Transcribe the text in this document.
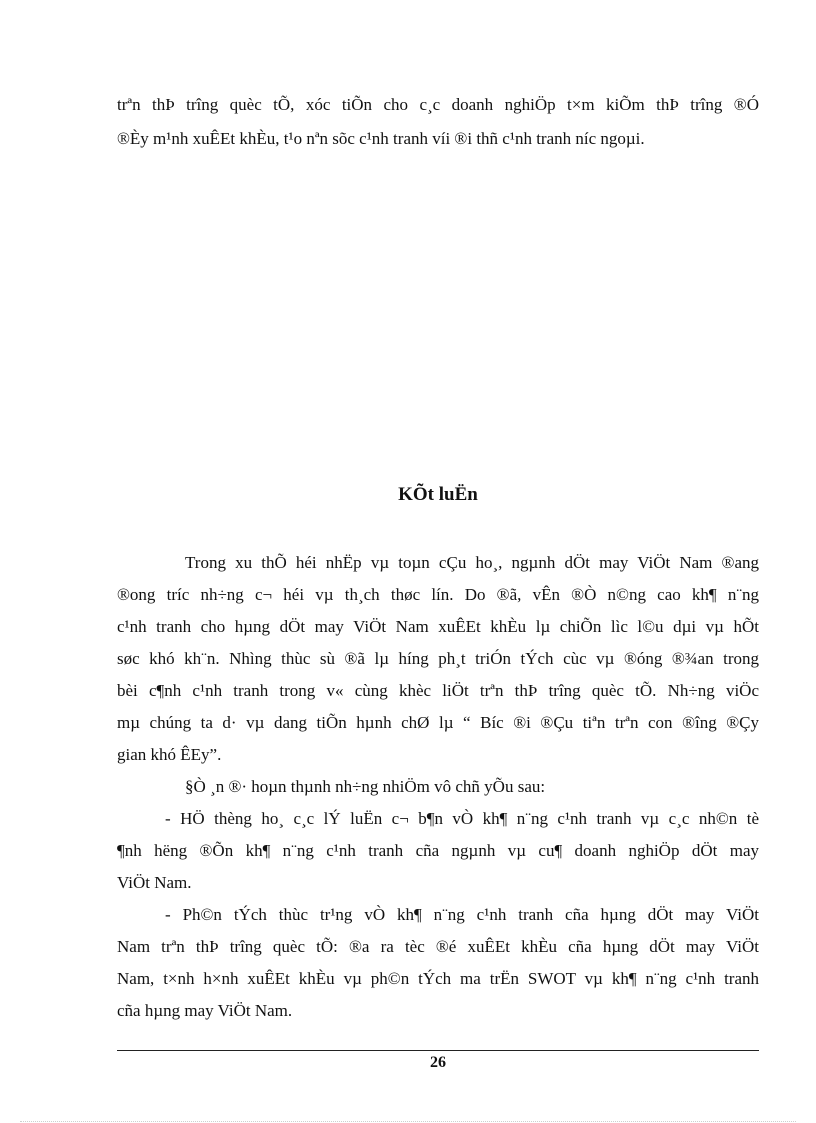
trªn thÞ trîng quèc tÕ, xóc tiÕn cho c¸c doanh nghiÖp t×m kiÕm thÞ trîng ®Ó
®Èy m¹nh xuÊEt khÈu, t¹o nªn sõc c¹nh tranh víi ®i thñ c¹nh tranh níc ngoµi.
KÕt luËn
Trong xu thÕ héi nhËp vµ toµn cÇu ho¸, ngµnh dÖt may ViÖt Nam ®ang
®ong tríc nh÷ng c¬ héi vµ th¸ch thøc lín. Do ®ã, vÊn ®Ò n©ng cao kh¶ n¨ng
c¹nh tranh cho hµng dÖt may ViÖt Nam xuÊEt khÈu lµ chiÕn lìc l©u dµi vµ hÕt
søc khó kh¨n. Nhìng thùc sù ®ã lµ híng ph¸t triÓn tÝch cùc vµ ®óng ®¾an trong
bèi c¶nh c¹nh tranh trong v« cùng khèc liÖt trªn thÞ trîng quèc tÕ. Nh÷ng viÖc
mµ chúng ta d· vµ dang tiÕn hµnh chØ lµ “ Bíc ®i ®Çu tiªn trªn con ®îng ®Çy
gian khó ÊEy”.
§Ò ¸n ®· hoµn thµnh nh÷ng nhiÖm vô chñ yÕu sau:
- HÖ thèng ho¸ c¸c lÝ luËn c¬ b¶n vÒ kh¶ n¨ng c¹nh tranh vµ c¸c nh©n tè
¶nh hëng ®Õn kh¶ n¨ng c¹nh tranh cña ngµnh vµ cu¶ doanh nghiÖp dÖt may
ViÖt Nam.
- Ph©n tÝch thùc tr¹ng vÒ kh¶ n¨ng c¹nh tranh cña hµng dÖt may ViÖt
Nam trªn thÞ trîng quèc tÕ: ®a ra tèc ®é xuÊEt khÈu cña hµng dÖt may ViÖt
Nam, t×nh h×nh xuÊEt khÈu vµ ph©n tÝch ma trËn SWOT vµ kh¶ n¨ng c¹nh tranh
cña hµng may ViÖt Nam.
26
